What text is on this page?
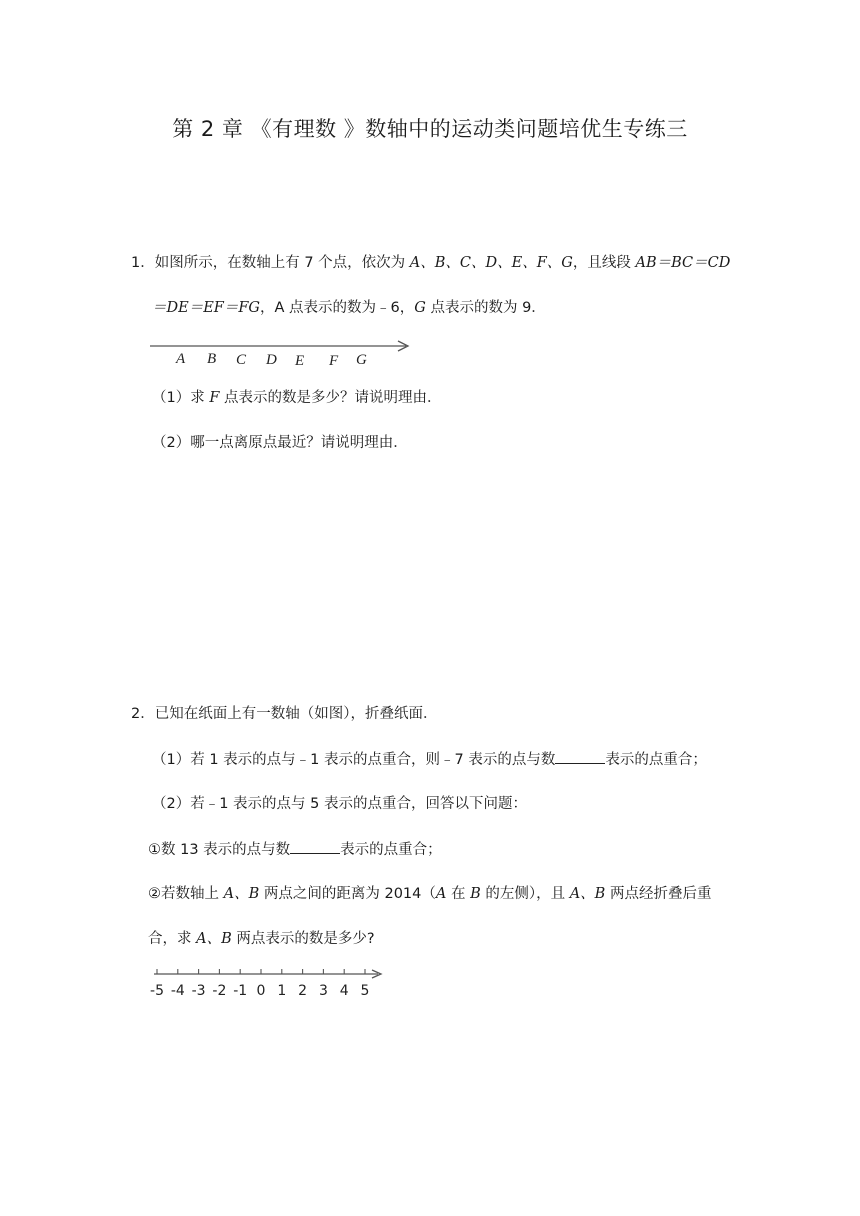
第 2 章 《有理数 》数轴中的运动类问题培优生专练三
1．如图所示，在数轴上有 7 个点，依次为 A、B、C、D、E、F、G，且线段 AB＝BC＝CD
＝DE＝EF＝FG，A 点表示的数为﹣6，G 点表示的数为 9．
A B C D E F G
（1）求 F 点表示的数是多少？请说明理由．
（2）哪一点离原点最近？请说明理由．
2．已知在纸面上有一数轴（如图），折叠纸面．
（1）若 1 表示的点与﹣1 表示的点重合，则﹣7 表示的点与数	表示的点重合；
（2）若﹣1 表示的点与 5 表示的点重合，回答以下问题：
①数 13 表示的点与数	表示的点重合；
②若数轴上 A、B 两点之间的距离为 2014（A 在 B 的左侧），且 A、B 两点经折叠后重
合，求 A、B 两点表示的数是多少?
-5 -4 -3 -2 -1 0 1 2 3 4 5
